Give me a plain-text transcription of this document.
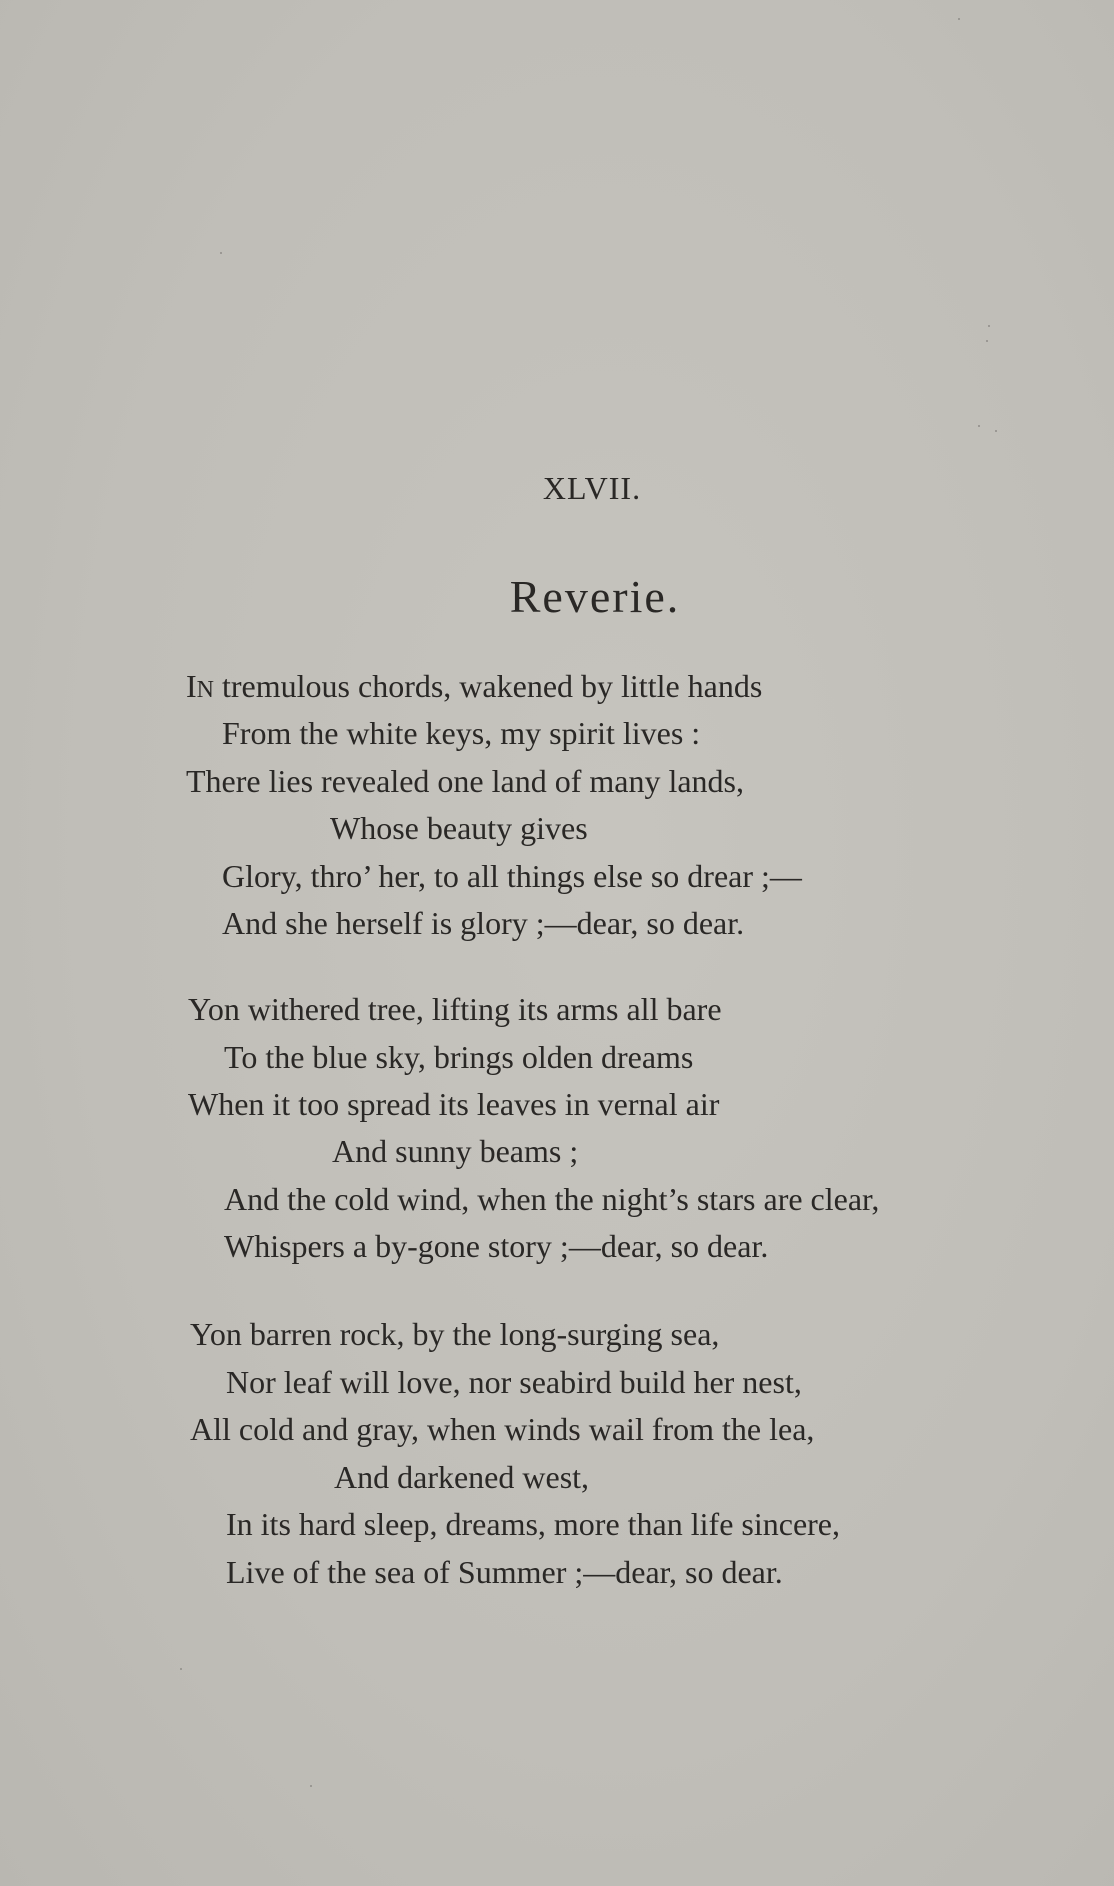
XLVII.
Reverie.
IN tremulous chords, wakened by little hands
From the white keys, my spirit lives :
There lies revealed one land of many lands,
Whose beauty gives
Glory, thro’ her, to all things else so drear ;—
And she herself is glory ;—dear, so dear.
Yon withered tree, lifting its arms all bare
To the blue sky, brings olden dreams
When it too spread its leaves in vernal air
And sunny beams ;
And the cold wind, when the night’s stars are clear,
Whispers a by-gone story ;—dear, so dear.
Yon barren rock, by the long-surging sea,
Nor leaf will love, nor seabird build her nest,
All cold and gray, when winds wail from the lea,
And darkened west,
In its hard sleep, dreams, more than life sincere,
Live of the sea of Summer ;—dear, so dear.
